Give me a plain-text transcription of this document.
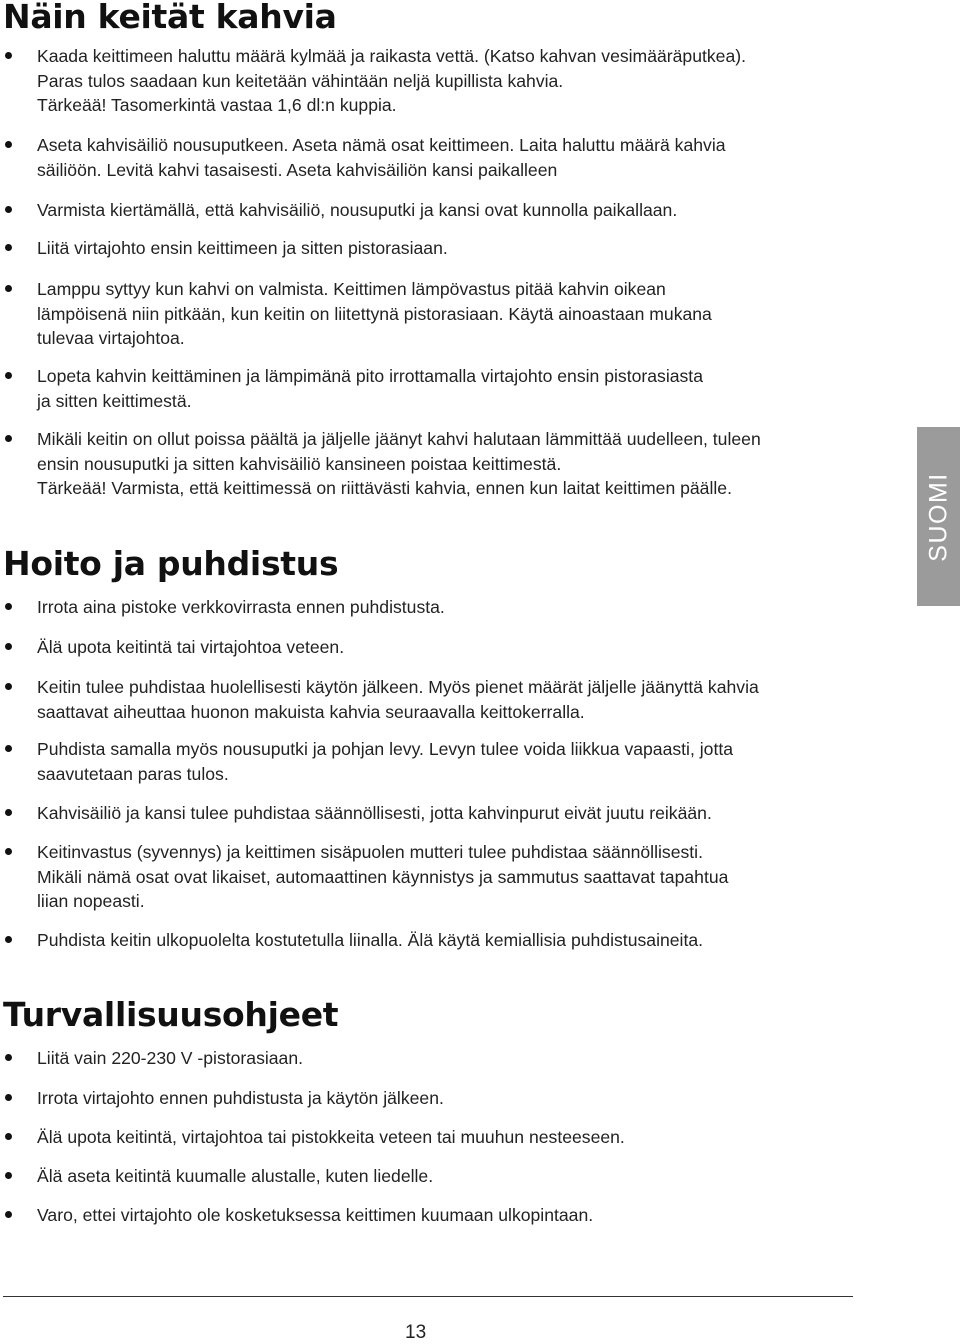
Näin keität kahvia
Kaada keittimeen haluttu määrä kylmää ja raikasta vettä. (Katso kahvan vesimääräputkea).
Paras tulos saadaan kun keitetään vähintään neljä kupillista kahvia.
Tärkeää! Tasomerkintä vastaa 1,6 dl:n kuppia.
Aseta kahvisäiliö nousuputkeen. Aseta nämä osat keittimeen. Laita haluttu määrä kahvia
säiliöön. Levitä kahvi tasaisesti. Aseta kahvisäiliön kansi paikalleen
Varmista kiertämällä, että kahvisäiliö, nousuputki ja kansi ovat kunnolla paikallaan.
Liitä virtajohto ensin keittimeen ja sitten pistorasiaan.
Lamppu syttyy kun kahvi on valmista. Keittimen lämpövastus pitää kahvin oikean
lämpöisenä niin pitkään, kun keitin on liitettynä pistorasiaan. Käytä ainoastaan mukana
tulevaa virtajohtoa.
Lopeta kahvin keittäminen ja lämpimänä pito irrottamalla virtajohto ensin pistorasiasta
ja sitten keittimestä.
Mikäli keitin on ollut poissa päältä ja jäljelle jäänyt kahvi halutaan lämmittää uudelleen, tuleen
ensin nousuputki ja sitten kahvisäiliö kansineen poistaa keittimestä.
Tärkeää! Varmista, että keittimessä on riittävästi kahvia, ennen kun laitat keittimen päälle.
Hoito ja puhdistus
Irrota aina pistoke verkkovirrasta ennen puhdistusta.
Älä upota keitintä tai virtajohtoa veteen.
Keitin tulee puhdistaa huolellisesti käytön jälkeen. Myös pienet määrät jäljelle jäänyttä kahvia
saattavat aiheuttaa huonon makuista kahvia seuraavalla keittokerralla.
Puhdista samalla myös nousuputki ja pohjan levy. Levyn tulee voida liikkua vapaasti, jotta
saavutetaan paras tulos.
Kahvisäiliö ja kansi tulee puhdistaa säännöllisesti, jotta kahvinpurut eivät juutu reikään.
Keitinvastus (syvennys) ja keittimen sisäpuolen mutteri tulee puhdistaa säännöllisesti.
Mikäli nämä osat ovat likaiset, automaattinen käynnistys ja sammutus saattavat tapahtua
liian nopeasti.
Puhdista keitin ulkopuolelta kostutetulla liinalla. Älä käytä kemiallisia puhdistusaineita.
Turvallisuusohjeet
Liitä vain 220-230 V -pistorasiaan.
Irrota virtajohto ennen puhdistusta ja käytön jälkeen.
Älä upota keitintä, virtajohtoa tai pistokkeita veteen tai muuhun nesteeseen.
Älä aseta keitintä kuumalle alustalle, kuten liedelle.
Varo, ettei virtajohto ole kosketuksessa keittimen kuumaan ulkopintaan.
SUOMI
13
